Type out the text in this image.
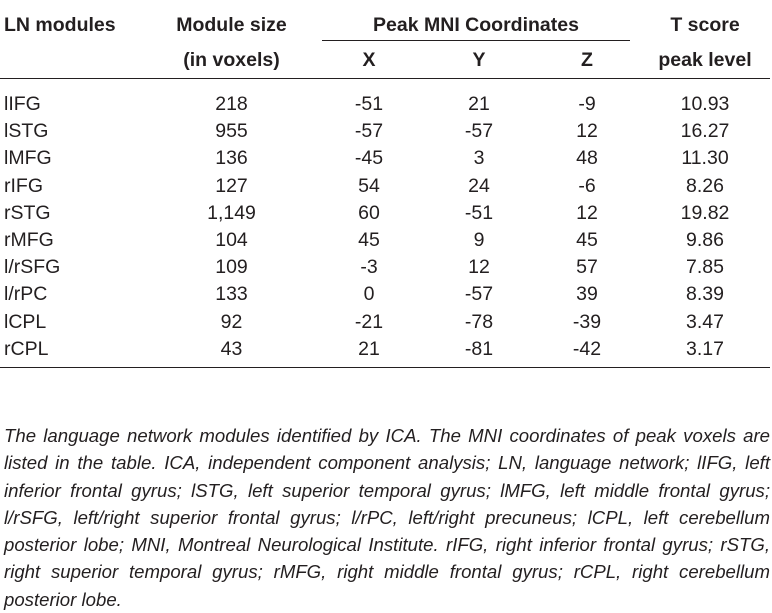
LN modules	Module size	Peak MNI Coordinates			T score
	(in voxels)	X	Y	Z	peak level
lIFG	218	-51	21	-9	10.93
lSTG	955	-57	-57	12	16.27
lMFG	136	-45	3	48	11.30
rIFG	127	54	24	-6	8.26
rSTG	1,149	60	-51	12	19.82
rMFG	104	45	9	45	9.86
l/rSFG	109	-3	12	57	7.85
l/rPC	133	0	-57	39	8.39
lCPL	92	-21	-78	-39	3.47
rCPL	43	21	-81	-42	3.17
The language network modules identified by ICA. The MNI coordinates of peak voxels are listed in the table. ICA, independent component analysis; LN, language network; lIFG, left inferior frontal gyrus; lSTG, left superior temporal gyrus; lMFG, left middle frontal gyrus; l/rSFG, left/right superior frontal gyrus; l/rPC, left/right precuneus; lCPL, left cerebellum posterior lobe; MNI, Montreal Neurological Institute. rIFG, right inferior frontal gyrus; rSTG, right superior temporal gyrus; rMFG, right middle frontal gyrus; rCPL, right cerebellum posterior lobe.
